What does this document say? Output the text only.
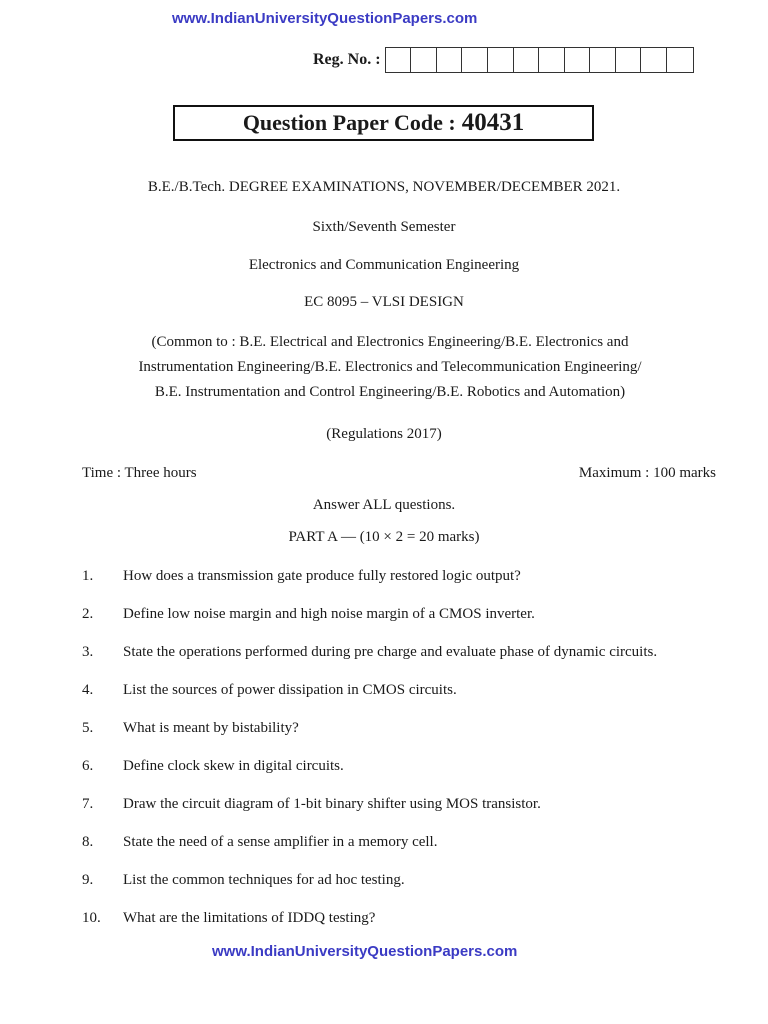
www.IndianUniversityQuestionPapers.com
Reg. No. :
Question Paper Code : 40431
B.E./B.Tech. DEGREE EXAMINATIONS, NOVEMBER/DECEMBER 2021.
Sixth/Seventh Semester
Electronics and Communication Engineering
EC 8095 – VLSI DESIGN
(Common to : B.E. Electrical and Electronics Engineering/B.E. Electronics and
Instrumentation Engineering/B.E. Electronics and Telecommunication Engineering/
B.E. Instrumentation and Control Engineering/B.E. Robotics and Automation)
(Regulations 2017)
Time : Three hours	Maximum : 100 marks
Answer ALL questions.
PART A — (10 × 2 = 20 marks)
1.	How does a transmission gate produce fully restored logic output?
2.	Define low noise margin and high noise margin of a CMOS inverter.
3.	State the operations performed during pre charge and evaluate phase of dynamic circuits.
4.	List the sources of power dissipation in CMOS circuits.
5.	What is meant by bistability?
6.	Define clock skew in digital circuits.
7.	Draw the circuit diagram of 1-bit binary shifter using MOS transistor.
8.	State the need of a sense amplifier in a memory cell.
9.	List the common techniques for ad hoc testing.
10.	What are the limitations of IDDQ testing?
www.IndianUniversityQuestionPapers.com
